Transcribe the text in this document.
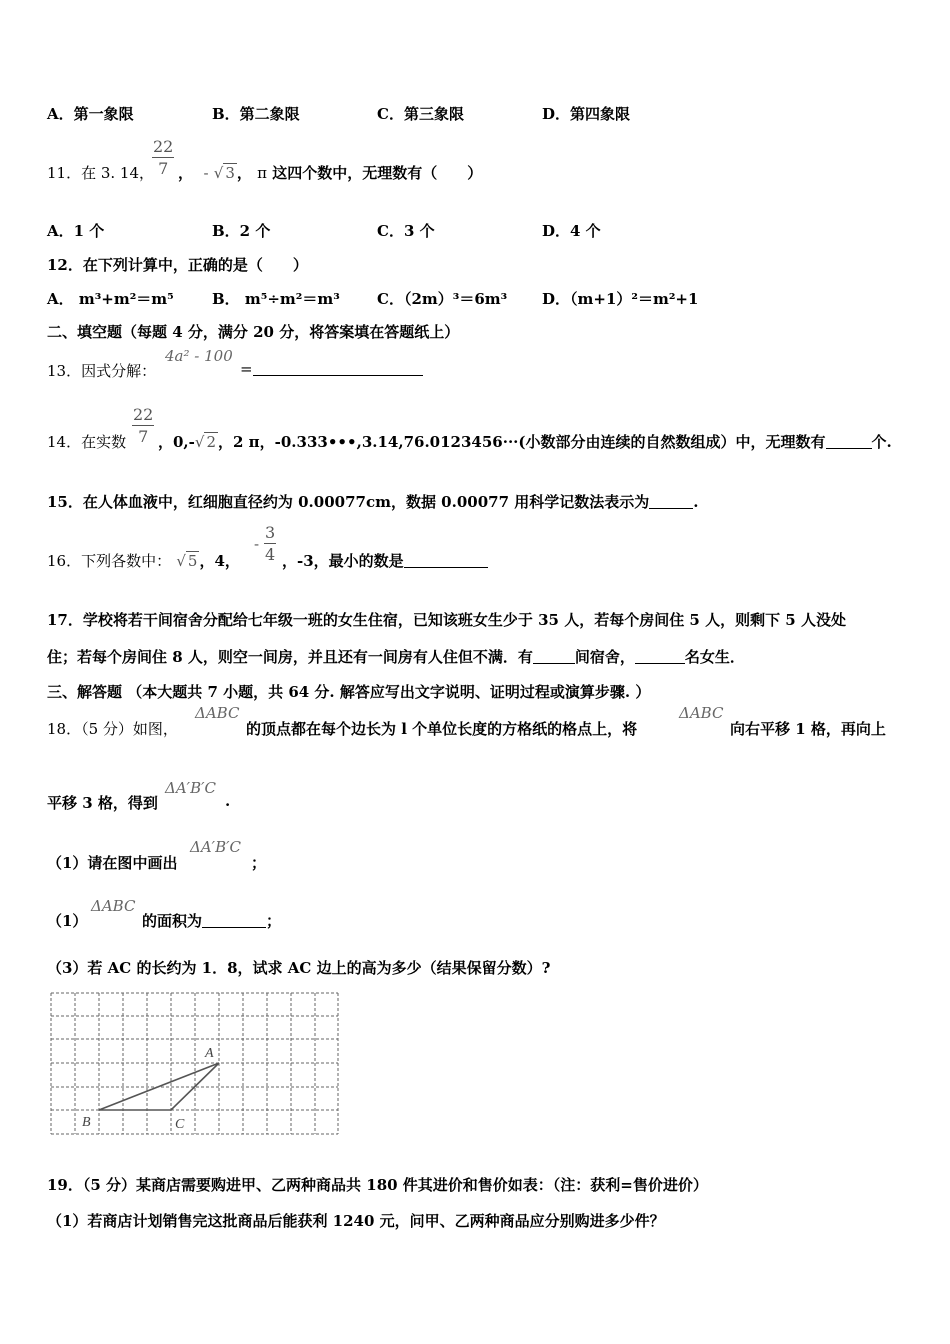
A．第一象限	B．第二象限	C．第三象限	D．第四象限
11．在 3. 14，
$\frac{22}{7}$ ， - √ 3 ， π 这四个数中，无理数有（　　）
A．1 个	B．2 个	C．3 个	D．4 个
12．在下列计算中，正确的是（　　）
A． m³+m²＝m⁵	B． m⁵÷m²＝m³ C．（2m）³＝6m³ D．（m+1）²＝m²+1
二、填空题（每题 4 分，满分 20 分，将答案填在答题纸上）
13．因式分解：
4a² - 100
=
14．在实数 $\frac{22}{7}$ ，0,-√ 2 ，2 π，-0.333•••,3.14,76.0123456···(小数部分由连续的自然数组成）中，无理数有	个.
15．在人体血液中，红细胞直径约为 0.00077cm，数据 0.00077 用科学记数法表示为	.
16．下列各数中： √ 5 ，4，
- $\frac{3}{4}$ ，-3，最小的数是
17．学校将若干间宿舍分配给七年级一班的女生住宿，已知该班女生少于 35 人，若每个房间住 5 人，则剩下 5 人没处
住；若每个房间住 8 人，则空一间房，并且还有一间房有人住但不满．有	间宿舍，	名女生．
三、解答题 （本大题共 7 小题，共 64 分. 解答应写出文字说明、证明过程或演算步骤. ）
18．（5 分）如图，
ΔABC
的顶点都在每个边长为 l 个单位长度的方格纸的格点上，将
ΔABC
向右平移 1 格，再向上
平移 3 格，得到
ΔA′B′C
.
（1）请在图中画出
ΔA′B′C
；
（1）
ΔABC
的面积为	；
（3）若 AC 的长约为 1．8，试求 AC 边上的高为多少（结果保留分数）?
A
B	C
19．（5 分）某商店需要购进甲、乙两种商品共 180 件其进价和售价如表：（注：获利=售价进价）
（1）若商店计划销售完这批商品后能获利 1240 元，问甲、乙两种商品应分别购进多少件？
